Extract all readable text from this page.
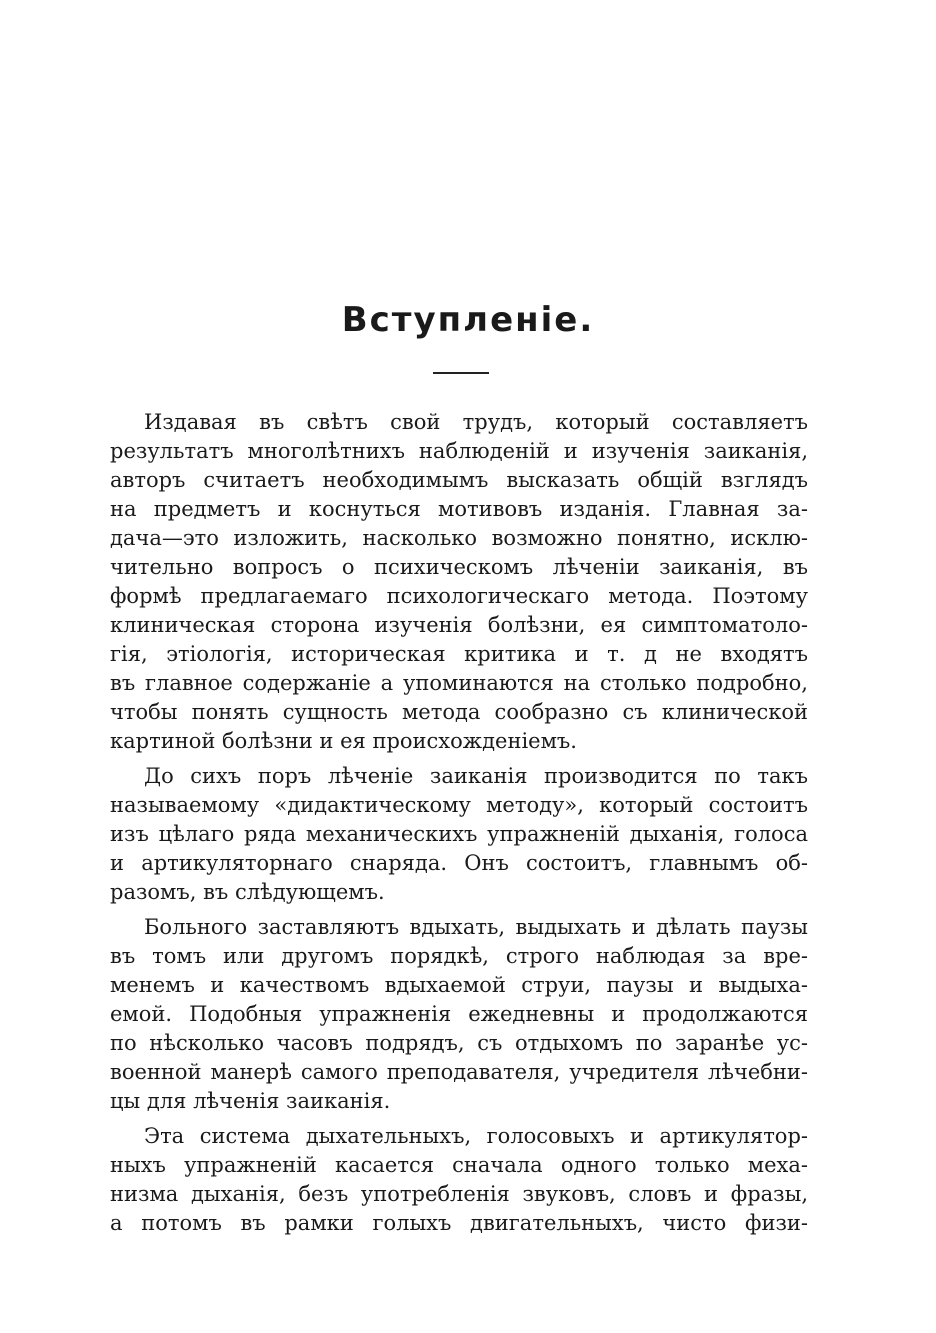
Вступленіе.
Издавая въ свѣтъ свой трудъ, который составляетъ
результатъ многолѣтнихъ наблюденій и изученія заиканія,
авторъ считаетъ необходимымъ высказать общій взглядъ
на предметъ и коснуться мотивовъ изданія. Главная за-
дача—это изложить, насколько возможно понятно, исклю-
чительно вопросъ о психическомъ лѣченіи заиканія, въ
формѣ предлагаемаго психологическаго метода. Поэтому
клиническая сторона изученія болѣзни, ея симптоматоло-
гія, этіологія, историческая критика и т. д не входятъ
въ главное содержаніе а упоминаются на столько подробно,
чтобы понять сущность метода сообразно съ клинической
картиной болѣзни и ея происхожденіемъ.
До сихъ поръ лѣченіе заиканія производится по такъ
называемому «дидактическому методу», который состоитъ
изъ цѣлаго ряда механическихъ упражненій дыханія, голоса
и артикуляторнаго снаряда. Онъ состоитъ, главнымъ об-
разомъ, въ слѣдующемъ.
Больного заставляютъ вдыхать, выдыхать и дѣлать паузы
въ томъ или другомъ порядкѣ, строго наблюдая за вре-
менемъ и качествомъ вдыхаемой струи, паузы и выдыха-
емой. Подобныя упражненія ежедневны и продолжаются
по нѣсколько часовъ подрядъ, съ отдыхомъ по заранѣе ус-
военной манерѣ самого преподавателя, учредителя лѣчебни-
цы для лѣченія заиканія.
Эта система дыхательныхъ, голосовыхъ и артикулятор-
ныхъ упражненій касается сначала одного только меха-
низма дыханія, безъ употребленія звуковъ, словъ и фразы,
а потомъ въ рамки голыхъ двигательныхъ, чисто физи-
